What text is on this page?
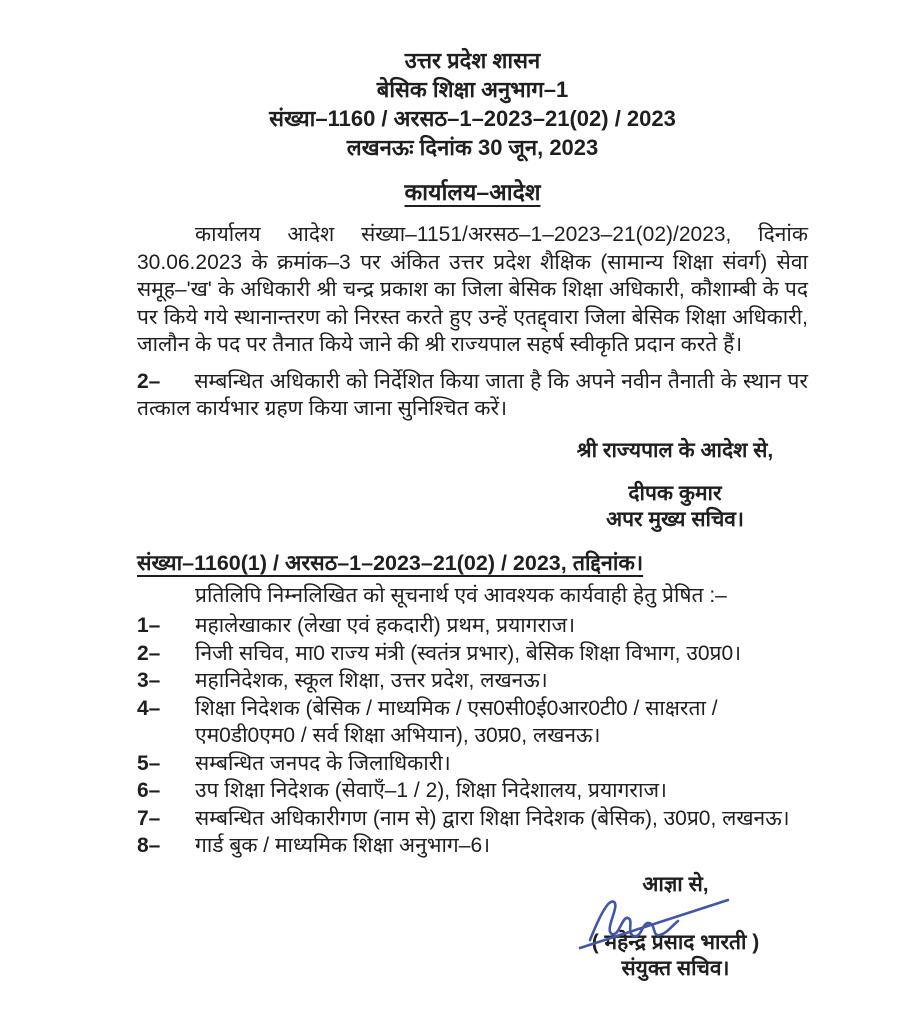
उत्तर प्रदेश शासन
बेसिक शिक्षा अनुभाग–1
संख्या–1160 / अरसठ–1–2023–21(02) / 2023
लखनऊः दिनांक 30 जून, 2023
कार्यालय–आदेश

कार्यालय आदेश संख्या–1151/अरसठ–1–2023–21(02)/2023, दिनांक 30.06.2023 के क्रमांक–3 पर अंकित उत्तर प्रदेश शैक्षिक (सामान्य शिक्षा संवर्ग) सेवा समूह–'ख' के अधिकारी श्री चन्द्र प्रकाश का जिला बेसिक शिक्षा अधिकारी, कौशाम्बी के पद पर किये गये स्थानान्तरण को निरस्त करते हुए उन्हें एतद्द्वारा जिला बेसिक शिक्षा अधिकारी, जालौन के पद पर तैनात किये जाने की श्री राज्यपाल सहर्ष स्वीकृति प्रदान करते हैं।

2– सम्बन्धित अधिकारी को निर्देशित किया जाता है कि अपने नवीन तैनाती के स्थान पर तत्काल कार्यभार ग्रहण किया जाना सुनिश्चित करें।

श्री राज्यपाल के आदेश से,
दीपक कुमार
अपर मुख्य सचिव।
संख्या–1160(1) / अरसठ–1–2023–21(02) / 2023, तद्दिनांक।
प्रतिलिपि निम्नलिखित को सूचनार्थ एवं आवश्यक कार्यवाही हेतु प्रेषित :–
1–	महालेखाकार (लेखा एवं हकदारी) प्रथम, प्रयागराज।
2–	निजी सचिव, मा0 राज्य मंत्री (स्वतंत्र प्रभार), बेसिक शिक्षा विभाग, उ0प्र0।
3–	महानिदेशक, स्कूल शिक्षा, उत्तर प्रदेश, लखनऊ।
4–	शिक्षा निदेशक (बेसिक / माध्यमिक / एस0सी0ई0आर0टी0 / साक्षरता / एम0डी0एम0 / सर्व शिक्षा अभियान), उ0प्र0, लखनऊ।
5–	सम्बन्धित जनपद के जिलाधिकारी।
6–	उप शिक्षा निदेशक (सेवाएँ–1 / 2), शिक्षा निदेशालय, प्रयागराज।
7–	सम्बन्धित अधिकारीगण (नाम से) द्वारा शिक्षा निदेशक (बेसिक), उ0प्र0, लखनऊ।
8–	गार्ड बुक / माध्यमिक शिक्षा अनुभाग–6।
आज्ञा से,
( महेन्द्र प्रसाद भारती )
संयुक्त सचिव।
